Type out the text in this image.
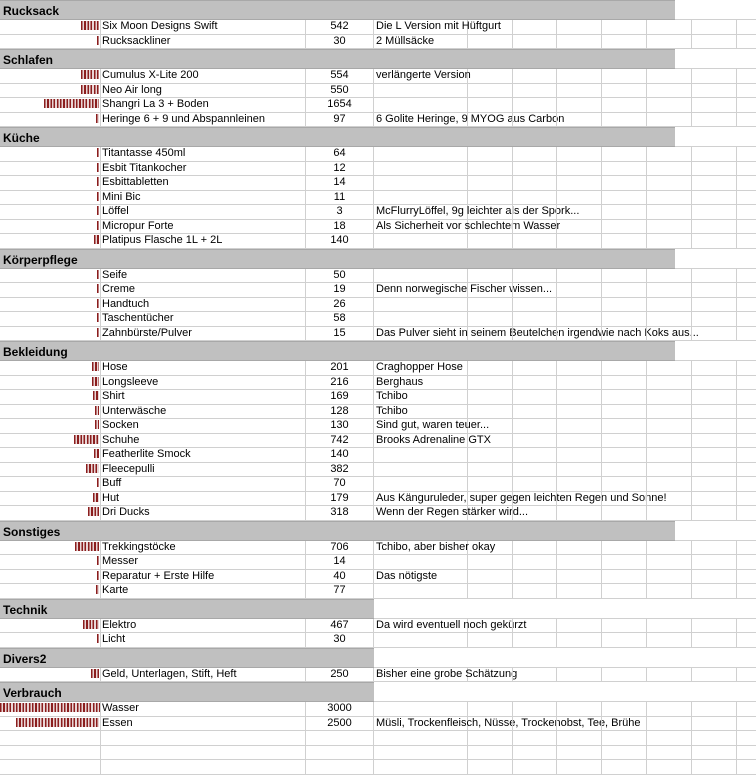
Rucksack
Six Moon Designs Swift	542	Die L Version mit Hüftgurt
Rucksackliner	30	2 Müllsäcke
Schlafen
Cumulus X-Lite 200	554	verlängerte Version
Neo Air long	550
Shangri La 3 + Boden	1654
Heringe 6 + 9 und Abspannleinen	97	6 Golite Heringe, 9 MYOG aus Carbon
Küche
Titantasse 450ml	64
Esbit Titankocher	12
Esbittabletten	14
Mini Bic	11
Löffel	3	McFlurryLöffel, 9g leichter als der Spork...
Micropur Forte	18	Als Sicherheit vor schlechtem Wasser
Platipus Flasche 1L + 2L	140
Körperpflege
Seife	50
Creme	19	Denn norwegische Fischer wissen...
Handtuch	26
Taschentücher	58
Zahnbürste/Pulver	15	Das Pulver sieht in seinem Beutelchen irgendwie nach Koks aus...
Bekleidung
Hose	201	Craghopper Hose
Longsleeve	216	Berghaus
Shirt	169	Tchibo
Unterwäsche	128	Tchibo
Socken	130	Sind gut, waren teuer...
Schuhe	742	Brooks Adrenaline GTX
Featherlite Smock	140
Fleecepulli	382
Buff	70
Hut	179	Aus Känguruleder, super gegen leichten Regen und Sonne!
Dri Ducks	318	Wenn der Regen stärker wird...
Sonstiges
Trekkingstöcke	706	Tchibo, aber bisher okay
Messer	14
Reparatur + Erste Hilfe	40	Das nötigste
Karte	77
Technik
Elektro	467	Da wird eventuell noch gekürzt
Licht	30
Divers2
Geld, Unterlagen, Stift, Heft	250	Bisher eine grobe Schätzung
Verbrauch
Wasser	3000
Essen	2500	Müsli, Trockenfleisch, Nüsse, Trockenobst, Tee, Brühe
